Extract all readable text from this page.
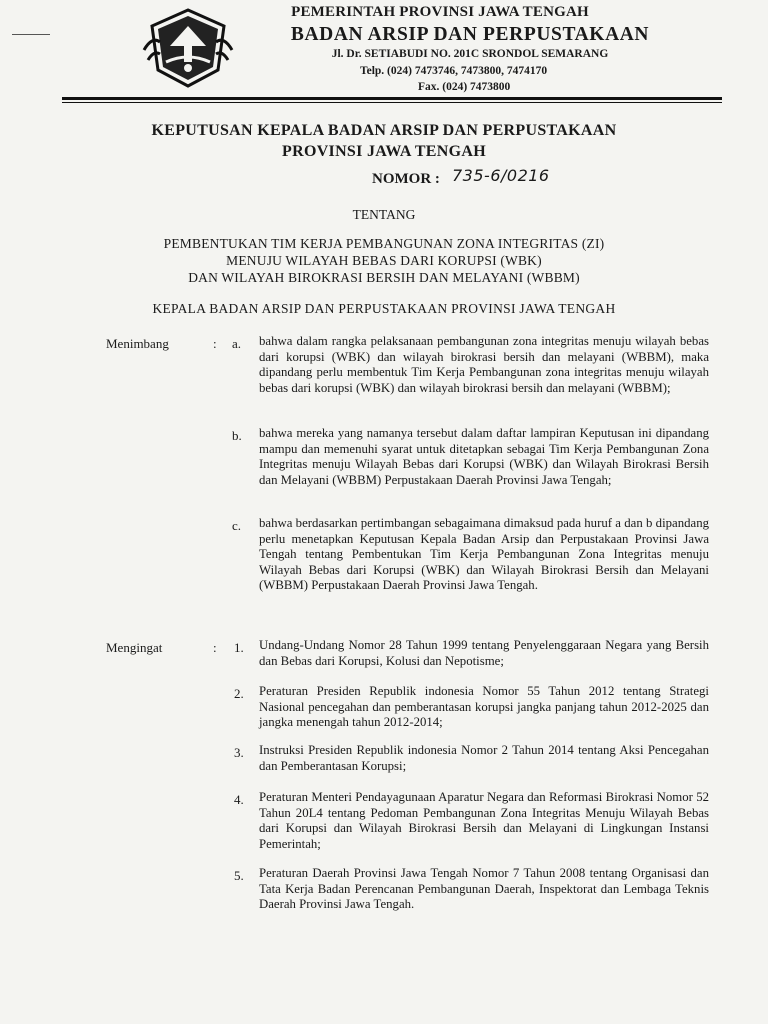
PEMERINTAH PROVINSI JAWA TENGAH
BADAN ARSIP DAN PERPUSTAKAAN
Jl. Dr. SETIABUDI NO. 201C SRONDOL SEMARANG
Telp. (024) 7473746, 7473800, 7474170
Fax. (024) 7473800
KEPUTUSAN KEPALA BADAN ARSIP DAN PERPUSTAKAAN
PROVINSI JAWA TENGAH
NOMOR : 735-6/0216
TENTANG
PEMBENTUKAN TIM KERJA PEMBANGUNAN ZONA INTEGRITAS (ZI)
MENUJU WILAYAH BEBAS DARI KORUPSI (WBK)
DAN WILAYAH BIROKRASI BERSIH DAN MELAYANI (WBBM)
KEPALA BADAN ARSIP DAN PERPUSTAKAAN PROVINSI JAWA TENGAH
Menimbang	: a. bahwa dalam rangka pelaksanaan pembangunan zona integritas menuju wilayah bebas dari korupsi (WBK) dan wilayah birokrasi bersih dan melayani (WBBM), maka dipandang perlu membentuk Tim Kerja Pembangunan zona integritas menuju wilayah bebas dari korupsi (WBK) dan wilayah birokrasi bersih dan melayani (WBBM);
b. bahwa mereka yang namanya tersebut dalam daftar lampiran Keputusan ini dipandang mampu dan memenuhi syarat untuk ditetapkan sebagai Tim Kerja Pembangunan Zona Integritas menuju Wilayah Bebas dari Korupsi (WBK) dan Wilayah Birokrasi Bersih dan Melayani (WBBM) Perpustakaan Daerah Provinsi Jawa Tengah;
c. bahwa berdasarkan pertimbangan sebagaimana dimaksud pada huruf a dan b dipandang perlu menetapkan Keputusan Kepala Badan Arsip dan Perpustakaan Provinsi Jawa Tengah tentang Pembentukan Tim Kerja Pembangunan Zona Integritas menuju Wilayah Bebas dari Korupsi (WBK) dan Wilayah Birokrasi Bersih dan Melayani (WBBM) Perpustakaan Daerah Provinsi Jawa Tengah.
Mengingat	: 1. Undang-Undang Nomor 28 Tahun 1999 tentang Penyelenggaraan Negara yang Bersih dan Bebas dari Korupsi, Kolusi dan Nepotisme;
2. Peraturan Presiden Republik indonesia Nomor 55 Tahun 2012 tentang Strategi Nasional pencegahan dan pemberantasan korupsi jangka panjang tahun 2012-2025 dan jangka menengah tahun 2012-2014;
3. Instruksi Presiden Republik indonesia Nomor 2 Tahun 2014 tentang Aksi Pencegahan dan Pemberantasan Korupsi;
4. Peraturan Menteri Pendayagunaan Aparatur Negara dan Reformasi Birokrasi Nomor 52 Tahun 20L4 tentang Pedoman Pembangunan Zona Integritas Menuju Wilayah Bebas dari Korupsi dan Wilayah Birokrasi Bersih dan Melayani di Lingkungan Instansi Pemerintah;
5. Peraturan Daerah Provinsi Jawa Tengah Nomor 7 Tahun 2008 tentang Organisasi dan Tata Kerja Badan Perencanan Pembangunan Daerah, Inspektorat dan Lembaga Teknis Daerah Provinsi Jawa Tengah.
